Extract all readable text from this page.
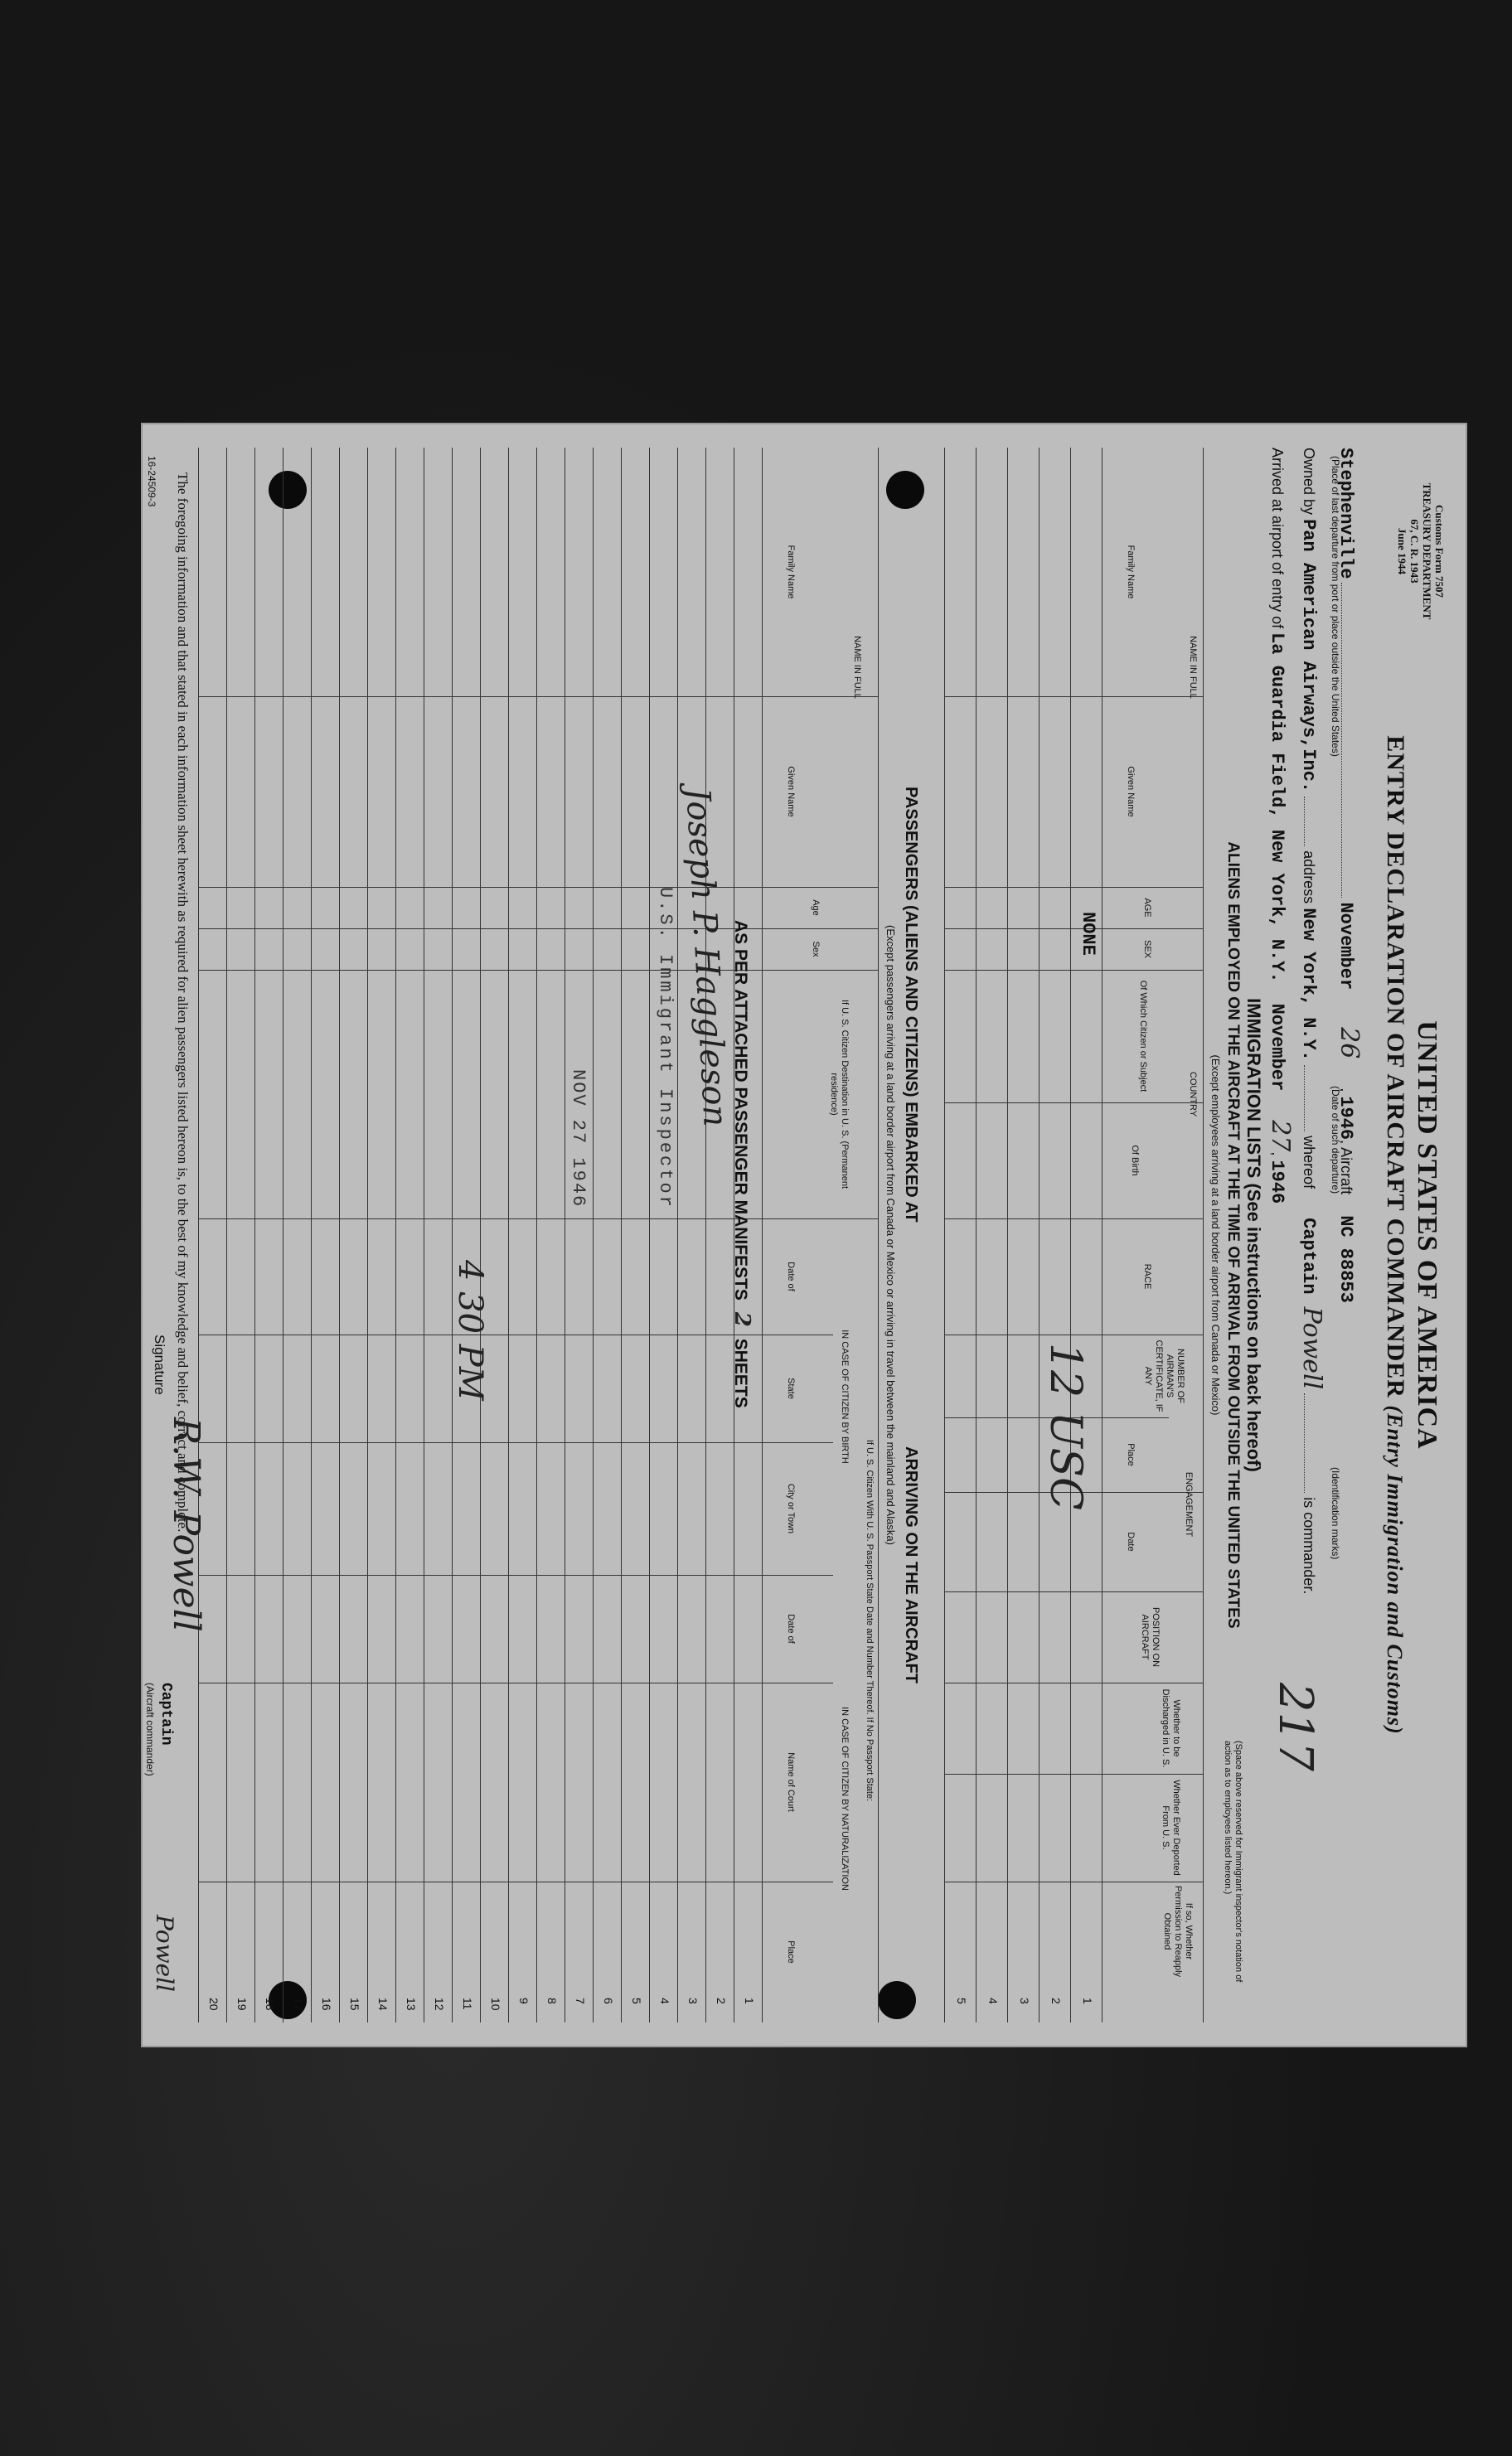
Customs Form 7507
TREASURY DEPARTMENT
67, C. R. 1943
June 1944
UNITED STATES OF AMERICA
ENTRY DECLARATION OF AIRCRAFT COMMANDER (Entry Immigration and Customs)
Stephenville  November 26 , 1946, Aircraft NC 88853
(Place of last departure from port or place outside the United States)
(Date of such departure)
(Identification marks)
Owned by Pan American Airways,Inc.  address New York, N.Y.  whereof Captain Powell  is commander.
Arrived at airport of entry of La Guardia Field, New York, N.Y. November 27, 1946
217
IMMIGRATION LISTS (See instructions on back hereof)
ALIENS EMPLOYED ON THE AIRCRAFT AT THE TIME OF ARRIVAL FROM OUTSIDE THE UNITED STATES
(Except employees arriving at a land border airport from Canada or Mexico)
(Space above reserved for Immigrant inspector's notation of action as to employees listed hereon.)
NAME IN FULL
Family Name
Given Name
AGE
SEX
COUNTRY
Of Which Citizen or Subject
Of Birth
RACE
NUMBER OF AIRMAN'S CERTIFICATE, IF ANY
ENGAGEMENT
Place
Date
POSITION ON AIRCRAFT
Whether to be Discharged in U. S.
Whether Ever Deported From U. S.
If so, Whether Permission to Reapply Obtained
NONE
12 USC
1
2
3
4
5
PASSENGERS (ALIENS AND CITIZENS) EMBARKED AT  ARRIVING ON THE AIRCRAFT
(Except passengers arriving at a land border airport from Canada or Mexico or arriving in travel between the mainland and Alaska)
NAME IN FULL
Family Name
Given Name
Age
Sex
If U. S. Citizen Destination in U. S. (Permanent residence)
If U. S. Citizen With U. S. Passport State Date and Number Thereof. If No Passport State:
IN CASE OF CITIZEN BY BIRTH
Date of
State
City or Town
IN CASE OF CITIZEN BY NATURALIZATION
Date of
Name of Court
Place
AS PER ATTACHED PASSENGER MANIFESTS 2 SHEETS
Joseph P. Haggleson
U.S. Immigrant Inspector
NOV 27 1946
4 30 PM
1
2
3
4
5
6
7
8
9
10
11
12
13
14
15
16
17
18
19
20
The foregoing information and that stated in each information sheet herewith as required for alien passengers listed hereon is, to the best of my knowledge and belief, correct and complete.
Signature
R.W. Powell
Captain
(Aircraft commander)
Powell
16-24509-3
